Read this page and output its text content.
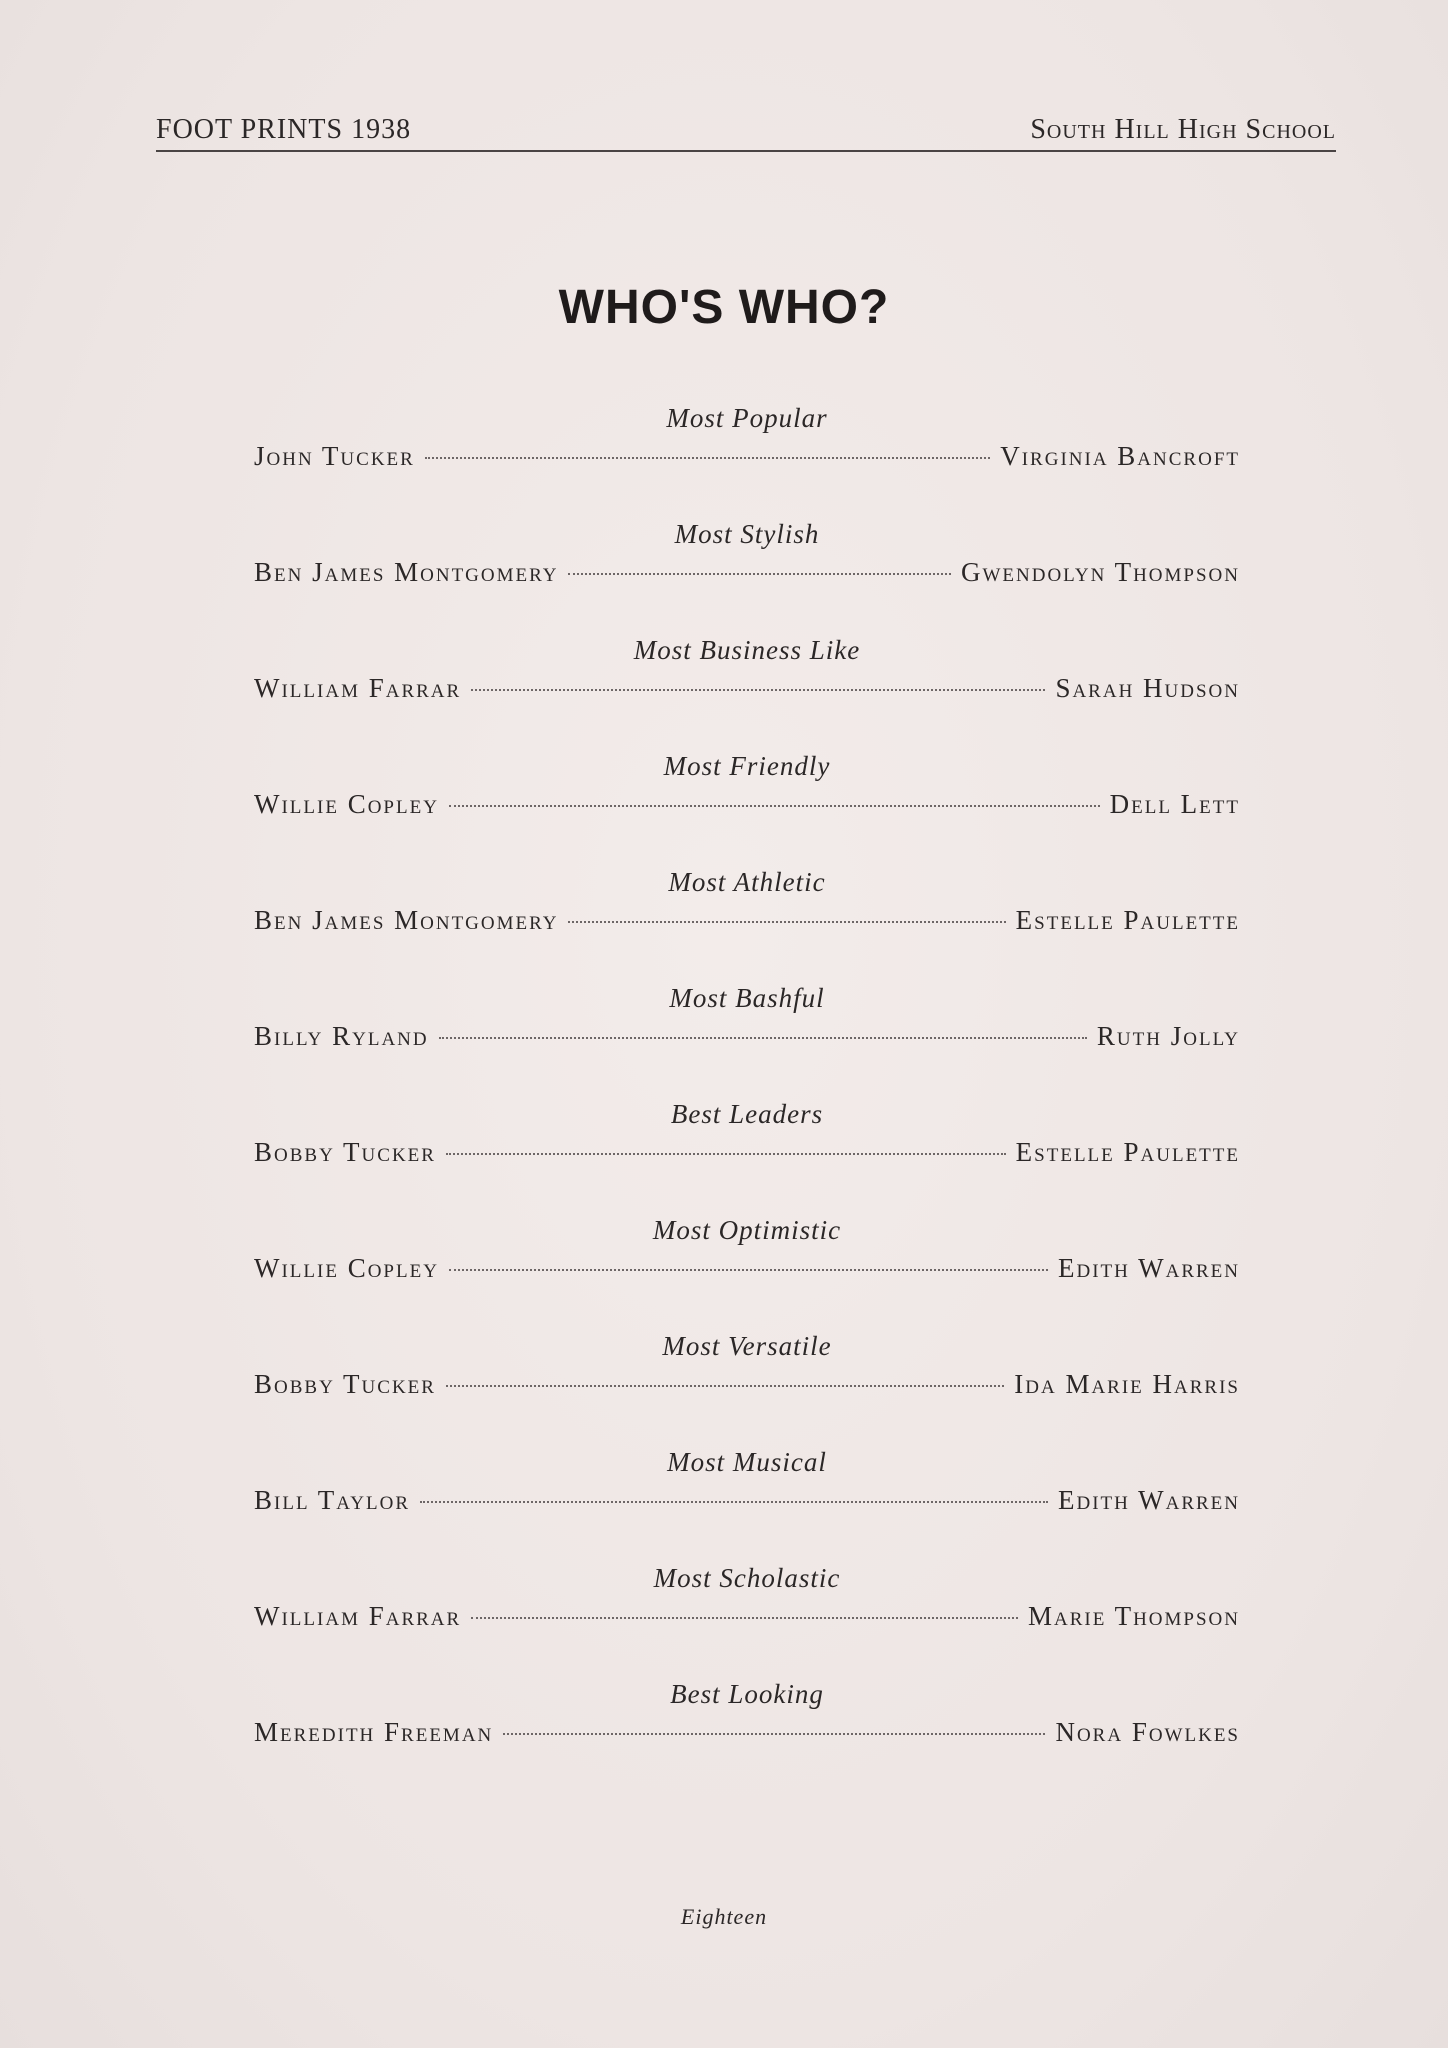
FOOT PRINTS 1938	South Hill High School
WHO'S WHO?
Most Popular
John Tucker	Virginia Bancroft
Most Stylish
Ben James Montgomery	Gwendolyn Thompson
Most Business Like
William Farrar	Sarah Hudson
Most Friendly
Willie Copley	Dell Lett
Most Athletic
Ben James Montgomery	Estelle Paulette
Most Bashful
Billy Ryland	Ruth Jolly
Best Leaders
Bobby Tucker	Estelle Paulette
Most Optimistic
Willie Copley	Edith Warren
Most Versatile
Bobby Tucker	Ida Marie Harris
Most Musical
Bill Taylor	Edith Warren
Most Scholastic
William Farrar	Marie Thompson
Best Looking
Meredith Freeman	Nora Fowlkes
Eighteen
